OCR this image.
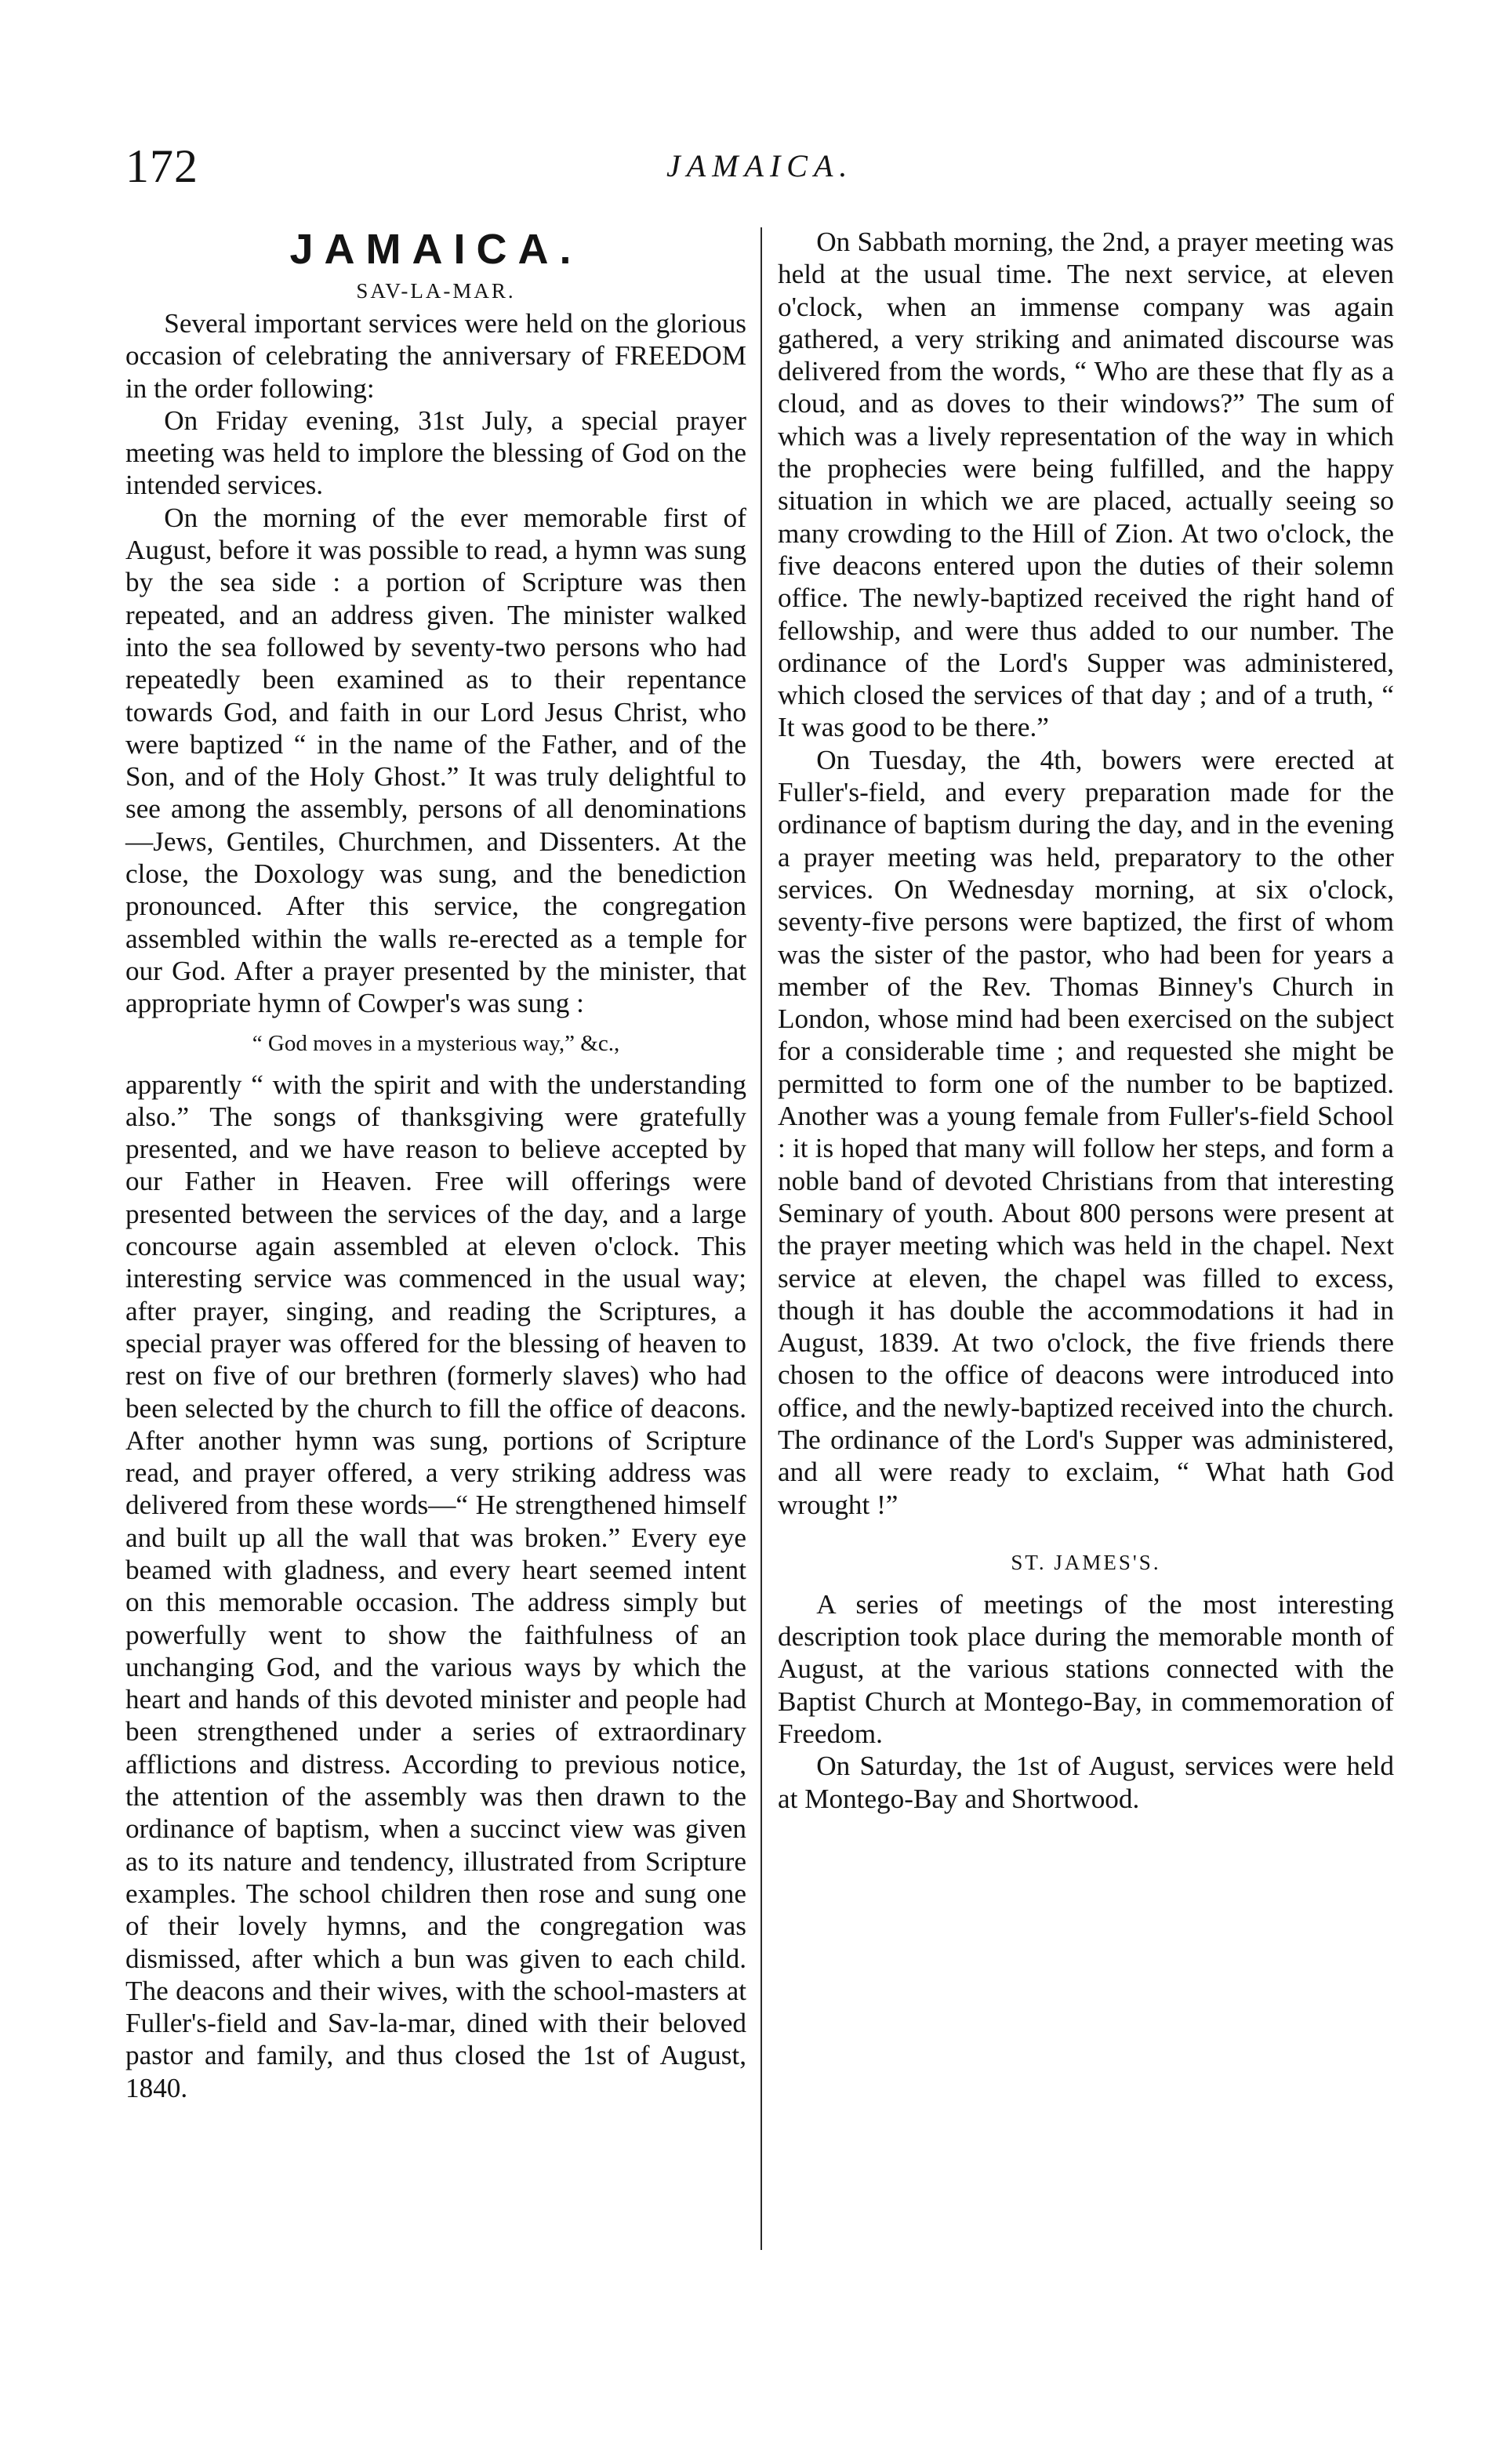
172	JAMAICA.
JAMAICA.
SAV-LA-MAR.

Several important services were held on the glorious occasion of celebrating the anniversary of FREEDOM in the order following:

On Friday evening, 31st July, a special prayer meeting was held to implore the blessing of God on the intended services.

On the morning of the ever memorable first of August, before it was possible to read, a hymn was sung by the sea side : a portion of Scripture was then repeated, and an address given. The minister walked into the sea followed by seventy-two persons who had repeatedly been examined as to their repentance towards God, and faith in our Lord Jesus Christ, who were baptized “ in the name of the Father, and of the Son, and of the Holy Ghost.” It was truly delightful to see among the assembly, persons of all denominations—Jews, Gentiles, Churchmen, and Dissenters. At the close, the Doxology was sung, and the benediction pronounced. After this service, the congregation assembled within the walls re-erected as a temple for our God. After a prayer presented by the minister, that appropriate hymn of Cowper's was sung :

“ God moves in a mysterious way,” &c.,

apparently “ with the spirit and with the understanding also.” The songs of thanksgiving were gratefully presented, and we have reason to believe accepted by our Father in Heaven. Free will offerings were presented between the services of the day, and a large concourse again assembled at eleven o'clock. This interesting service was commenced in the usual way; after prayer, singing, and reading the Scriptures, a special prayer was offered for the blessing of heaven to rest on five of our brethren (formerly slaves) who had been selected by the church to fill the office of deacons. After another hymn was sung, portions of Scripture read, and prayer offered, a very striking address was delivered from these words—“ He strengthened himself and built up all the wall that was broken.” Every eye beamed with gladness, and every heart seemed intent on this memorable occasion. The address simply but powerfully went to show the faithfulness of an unchanging God, and the various ways by which the heart and hands of this devoted minister and people had been strengthened under a series of extraordinary afflictions and distress. According to previous notice, the attention of the assembly was then drawn to the ordinance of baptism, when a succinct view was given as to its nature and tendency, illustrated from Scripture examples. The school children then rose and sung one of their lovely hymns, and the congregation was dismissed, after which a bun was given to each child. The deacons and their wives, with the school-masters at Fuller's-field and Sav-la-mar, dined with their beloved pastor and family, and thus closed the 1st of August, 1840.

On Sabbath morning, the 2nd, a prayer meeting was held at the usual time. The next service, at eleven o'clock, when an immense company was again gathered, a very striking and animated discourse was delivered from the words, “ Who are these that fly as a cloud, and as doves to their windows?” The sum of which was a lively representation of the way in which the prophecies were being fulfilled, and the happy situation in which we are placed, actually seeing so many crowding to the Hill of Zion. At two o'clock, the five deacons entered upon the duties of their solemn office. The newly-baptized received the right hand of fellowship, and were thus added to our number. The ordinance of the Lord's Supper was administered, which closed the services of that day ; and of a truth, “ It was good to be there.”

On Tuesday, the 4th, bowers were erected at Fuller's-field, and every preparation made for the ordinance of baptism during the day, and in the evening a prayer meeting was held, preparatory to the other services. On Wednesday morning, at six o'clock, seventy-five persons were baptized, the first of whom was the sister of the pastor, who had been for years a member of the Rev. Thomas Binney's Church in London, whose mind had been exercised on the subject for a considerable time ; and requested she might be permitted to form one of the number to be baptized. Another was a young female from Fuller's-field School : it is hoped that many will follow her steps, and form a noble band of devoted Christians from that interesting Seminary of youth. About 800 persons were present at the prayer meeting which was held in the chapel. Next service at eleven, the chapel was filled to excess, though it has double the accommodations it had in August, 1839. At two o'clock, the five friends there chosen to the office of deacons were introduced into office, and the newly-baptized received into the church. The ordinance of the Lord's Supper was administered, and all were ready to exclaim, “ What hath God wrought !”

ST. JAMES'S.

A series of meetings of the most interesting description took place during the memorable month of August, at the various stations connected with the Baptist Church at Montego-Bay, in commemoration of Freedom.

On Saturday, the 1st of August, services were held at Montego-Bay and Shortwood.
